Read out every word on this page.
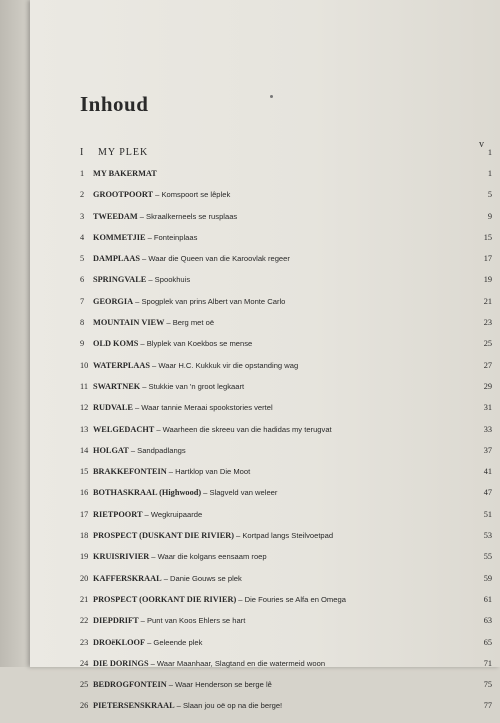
Inhoud
v
I	MY PLEK	1
1	MY BAKERMAT	1
2	GROOTPOORT – Komspoort se lêplek	5
3	TWEEDAM – Skraalkerneels se rusplaas	9
4	KOMMETJIE – Fonteinplaas	15
5	DAMPLAAS – Waar die Queen van die Karoovlak regeer	17
6	SPRINGVALE – Spookhuis	19
7	GEORGIA – Spogplek van prins Albert van Monte Carlo	21
8	MOUNTAIN VIEW – Berg met oë	23
9	OLD KOMS – Blyplek van Koekbos se mense	25
10 WATERPLAAS – Waar H.C. Kukkuk vir die opstanding wag	27
11 SWARTNEK – Stukkie van 'n groot legkaart	29
12 RUDVALE – Waar tannie Meraai spookstories vertel	31
13 WELGEDACHT – Waarheen die skreeu van die hadidas my terugvat	33
14 HOLGAT – Sandpadlangs	37
15 BRAKKEFONTEIN – Hartklop van Die Moot	41
16 BOTHASKRAAL (Highwood) – Slagveld van weleer	47
17 RIETPOORT – Wegkruipaarde	51
18 PROSPECT (DUSKANT DIE RIVIER) – Kortpad langs Steilvoetpad	53
19 KRUISRIVIER – Waar die kolgans eensaam roep	55
20 KAFFERSKRAAL – Danie Gouws se plek	59
21 PROSPECT (OORKANT DIE RIVIER) – Die Fouries se Alfa en Omega	61
22 DIEPDRIFT – Punt van Koos Ehlers se hart	63
23 DROëKLOOF – Geleende plek	65
24 DIE DORINGS – Waar Maanhaar, Slagtand en die watermeid woon	71
25 BEDROGFONTEIN – Waar Henderson se berge lê	75
26 PIETERSENSKRAAL – Slaan jou oë op na die berge!	77
